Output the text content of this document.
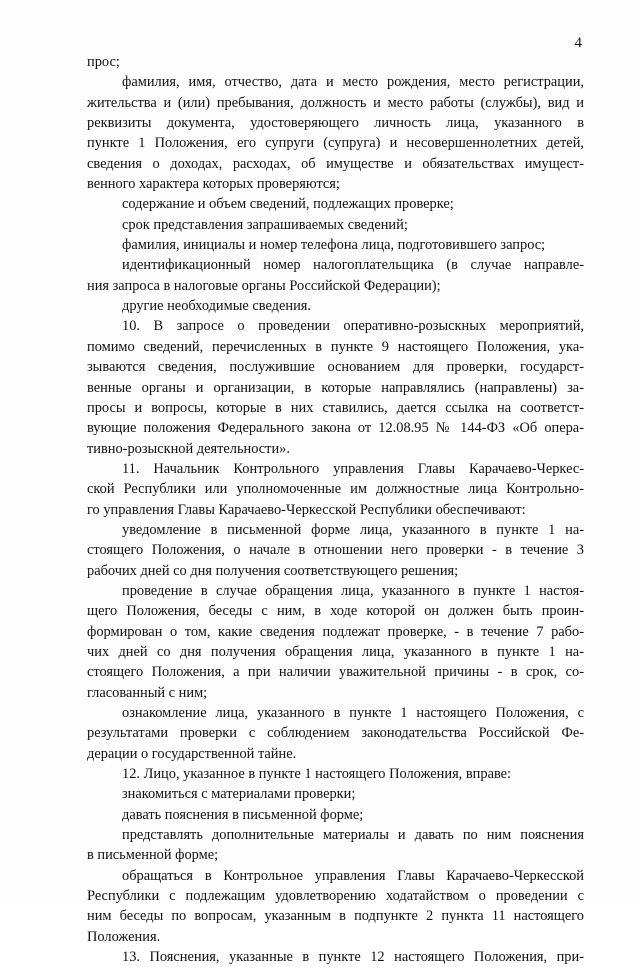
4
прос;
фамилия, имя, отчество, дата и место рождения, место регистрации,
жительства и (или) пребывания, должность и место работы (службы), вид и
реквизиты документа, удостоверяющего личность лица, указанного в
пункте 1 Положения, его супруги (супруга) и несовершеннолетних детей,
сведения о доходах, расходах, об имуществе и обязательствах имущест-
венного характера которых проверяются;
содержание и объем сведений, подлежащих проверке;
срок представления запрашиваемых сведений;
фамилия, инициалы и номер телефона лица, подготовившего запрос;
идентификационный номер налогоплательщика (в случае направле-
ния запроса в налоговые органы Российской Федерации);
другие необходимые сведения.
10. В запросе о проведении оперативно-розыскных мероприятий,
помимо сведений, перечисленных в пункте 9 настоящего Положения, ука-
зываются сведения, послужившие основанием для проверки, государст-
венные органы и организации, в которые направлялись (направлены) за-
просы и вопросы, которые в них ставились, дается ссылка на соответст-
вующие положения Федерального закона от 12.08.95 № 144-ФЗ «Об опера-
тивно-розыскной деятельности».
11. Начальник Контрольного управления Главы Карачаево-Черкес-
ской Республики или уполномоченные им должностные лица Контрольно-
го управления Главы Карачаево-Черкесской Республики обеспечивают:
уведомление в письменной форме лица, указанного в пункте 1 на-
стоящего Положения, о начале в отношении него проверки - в течение 3
рабочих дней со дня получения соответствующего решения;
проведение в случае обращения лица, указанного в пункте 1 настоя-
щего Положения, беседы с ним, в ходе которой он должен быть проин-
формирован о том, какие сведения подлежат проверке, - в течение 7 рабо-
чих дней со дня получения обращения лица, указанного в пункте 1 на-
стоящего Положения, а при наличии уважительной причины - в срок, со-
гласованный с ним;
ознакомление лица, указанного в пункте 1 настоящего Положения, с
результатами проверки с соблюдением законодательства Российской Фе-
дерации о государственной тайне.
12. Лицо, указанное в пункте 1 настоящего Положения, вправе:
знакомиться с материалами проверки;
давать пояснения в письменной форме;
представлять дополнительные материалы и давать по ним пояснения
в письменной форме;
обращаться в Контрольное управления Главы Карачаево-Черкесской
Республики с подлежащим удовлетворению ходатайством о проведении с
ним беседы по вопросам, указанным в подпункте 2 пункта 11 настоящего
Положения.
13. Пояснения, указанные в пункте 12 настоящего Положения, при-
